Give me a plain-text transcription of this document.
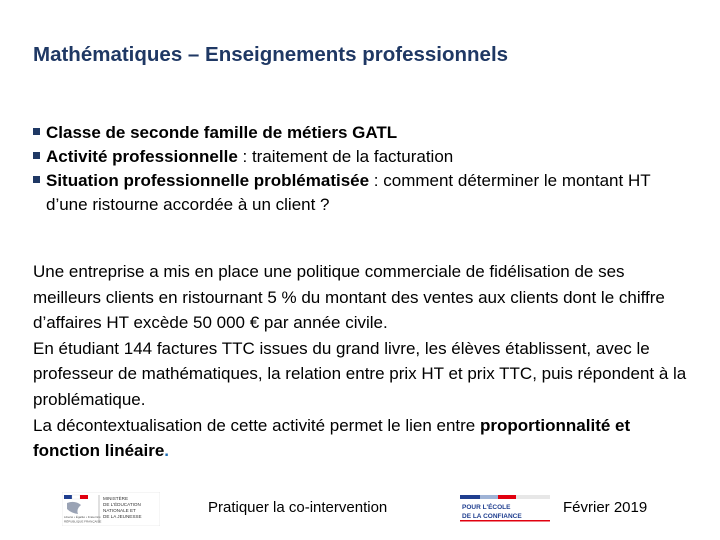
Mathématiques – Enseignements professionnels
Classe de seconde famille de métiers GATL
Activité professionnelle : traitement de la facturation
Situation professionnelle problématisée : comment déterminer le montant HT d’une ristourne accordée à un client ?

Une entreprise a mis en place une politique commerciale de fidélisation de ses meilleurs clients en ristournant 5 % du montant des ventes aux clients dont le chiffre d’affaires HT excède 50 000 € par année civile.

En étudiant 144 factures TTC issues du grand livre, les élèves établissent, avec le professeur de mathématiques, la relation entre prix HT et prix TTC, puis répondent à la problématique.

La décontextualisation de cette activité permet le lien entre proportionnalité et fonction linéaire.

Liberté • Égalité • Fraternité
RÉPUBLIQUE FRANÇAISE
MINISTÈRE
DE L'ÉDUCATION
NATIONALE ET
DE LA JEUNESSE
Pratiquer la co-intervention	POUR L'ÉCOLE
DE LA CONFIANCE
Février 2019
